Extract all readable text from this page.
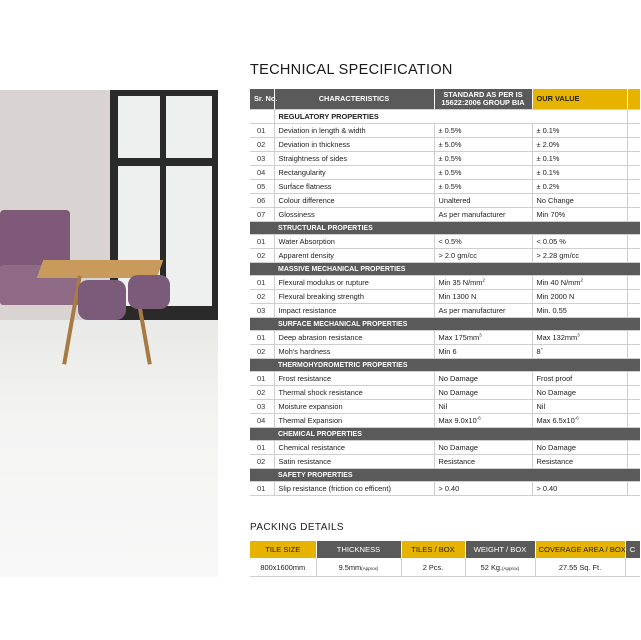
TECHNICAL SPECIFICATION
Sr. No.	CHARACTERISTICS	STANDARD AS PER IS 15622:2006 GROUP BIA	OUR VALUE	
	REGULATORY PROPERTIES			
01	Deviation in length & width	± 0.5%	± 0.1%	
02	Deviation in thickness	± 5.0%	± 2.0%	
03	Straightness of sides	± 0.5%	± 0.1%	
04	Rectangularity	± 0.5%	± 0.1%	
05	Surface flatness	± 0.5%	± 0.2%	
06	Colour difference	Unaltered	No Change	
07	Glossiness	As per manufacturer	Min 70%	
	STRUCTURAL PROPERTIES			
01	Water Absorption	< 0.5%	< 0.05 %	
02	Apparent density	> 2.0 gm/cc	> 2.28 gm/cc	
	MASSIVE MECHANICAL PROPERTIES			
01	Flexural modulus or rupture	Min 35 $N/mm^2$	Min 40 $N/mm^2$	
02	Flexural breaking strength	Min 1300 N	Min 2000 N	
03	Impact resistance	As per manufacturer	Min. 0.55	
	SURFACE MECHANICAL PROPERTIES			
01	Deep abrasion resistance	Max $175mm^3$	Max $132mm^3$	
02	Moh's hardness	Min 6	8+	
	THERMOHYDROMETRIC PROPERTIES			
01	Frost resistance	No Damage	Frost proof	
02	Thermal shock resistance	No Damage	No Damage	
03	Moisture expansion	Nil	Nil	
04	Thermal Expansion	Max $9.0x10^{-6}$	Max $6.5x10^{-6}$	
	CHEMICAL PROPERTIES			
01	Chemical resistance	No Damage	No Damage	
02	Satin resistance	Resistance	Resistance	
	SAFETY PROPERTIES			
01	Slip resistance (friction co efficent)	> 0.40	> 0.40	
PACKING DETAILS
TILE SIZE	THICKNESS	TILES / BOX	WEIGHT / BOX	COVERAGE AREA / BOX	C
800x1600mm	9.5mm(Approx)	2 Pcs.	52 Kg.(Approx)	27.55 Sq. Ft.	
